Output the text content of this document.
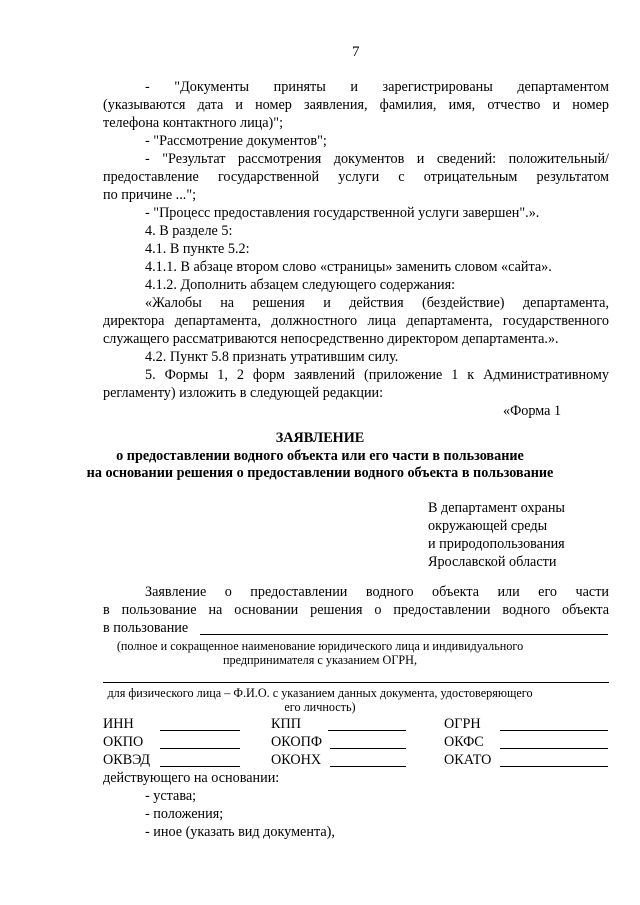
7
- "Документы приняты и зарегистрированы департаментом
(указываются дата и номер заявления, фамилия, имя, отчество и номер
телефона контактного лица)";
- "Рассмотрение документов";
- "Результат рассмотрения документов и сведений: положительный/
предоставление государственной услуги с отрицательным результатом
по причине ...";
- "Процесс предоставления государственной услуги завершен".».
4. В разделе 5:
4.1. В пункте 5.2:
4.1.1. В абзаце втором слово «страницы» заменить словом «сайта».
4.1.2. Дополнить абзацем следующего содержания:
«Жалобы на решения и действия (бездействие) департамента,
директора департамента, должностного лица департамента, государственного
служащего рассматриваются непосредственно директором департамента.».
4.2. Пункт 5.8 признать утратившим силу.
5. Формы 1, 2 форм заявлений (приложение 1 к Административному
регламенту) изложить в следующей редакции:
«Форма 1
ЗАЯВЛЕНИЕ
о предоставлении водного объекта или его части в пользование
на основании решения о предоставлении водного объекта в пользование
В департамент охраны
окружающей среды
и природопользования
Ярославской области
Заявление о предоставлении водного объекта или его части
в пользование на основании решения о предоставлении водного объекта
в пользование
(полное и сокращенное наименование юридического лица и индивидуального
предпринимателя с указанием ОГРН,
для физического лица – Ф.И.О. с указанием данных документа, удостоверяющего
его личность)
ИНН	КПП	ОГРН
ОКПО	ОКОПФ	ОКФС
ОКВЭД	ОКОНХ	ОКАТО
действующего на основании:
- устава;
- положения;
- иное (указать вид документа),
